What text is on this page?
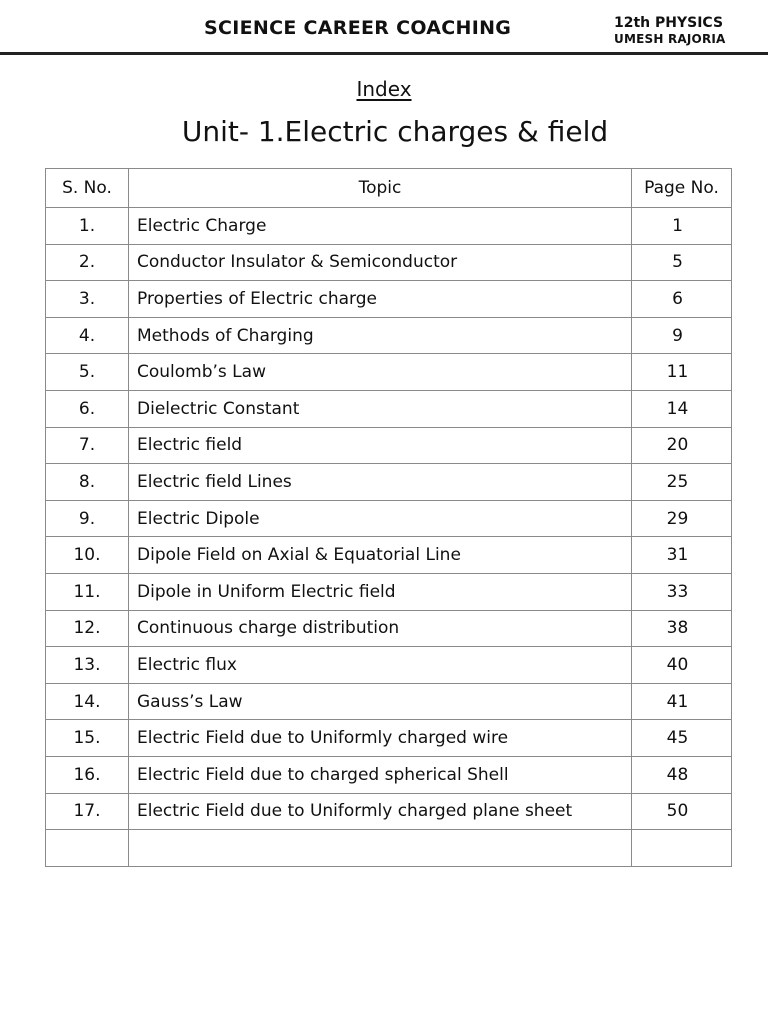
SCIENCE CAREER COACHING	12th PHYSICS
UMESH RAJORIA
Index
Unit- 1.Electric charges & field
S. No.	Topic	Page No.
1.	Electric Charge	1
2.	Conductor Insulator & Semiconductor	5
3.	Properties of Electric charge	6
4.	Methods of Charging	9
5.	Coulomb’s Law	11
6.	Dielectric Constant	14
7.	Electric field	20
8.	Electric field Lines	25
9.	Electric Dipole	29
10.	Dipole Field on Axial & Equatorial Line	31
11.	Dipole in Uniform Electric field	33
12.	Continuous charge distribution	38
13.	Electric flux	40
14.	Gauss’s Law	41
15.	Electric Field due to Uniformly charged wire	45
16.	Electric Field due to charged spherical Shell	48
17.	Electric Field due to Uniformly charged plane sheet	50
